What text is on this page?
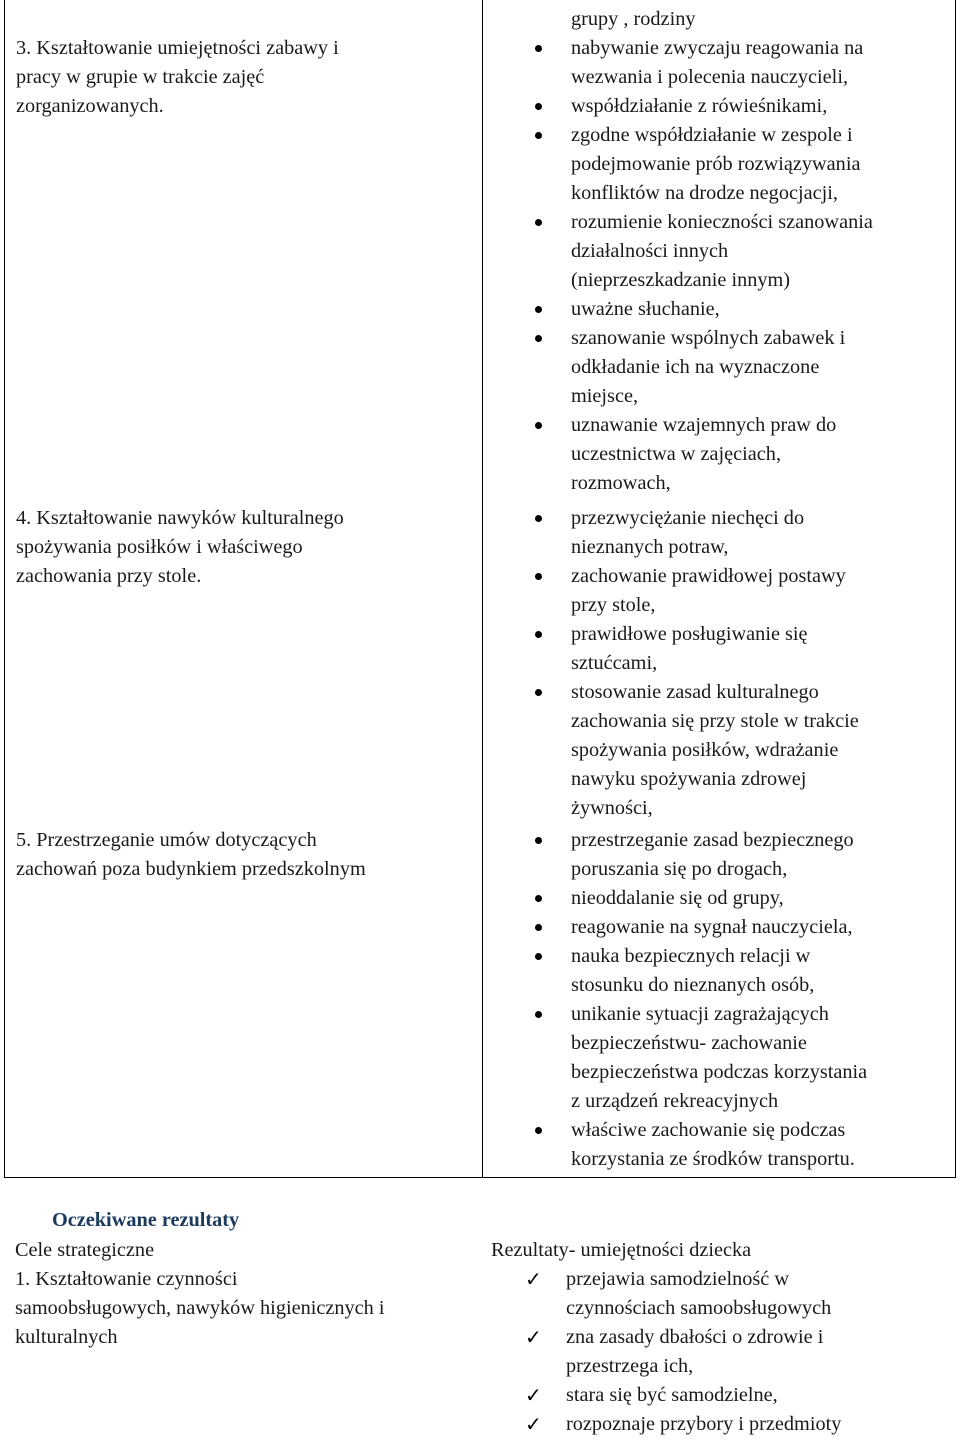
3. Kształtowanie umiejętności zabawy i
pracy w grupie w trakcie zajęć
zorganizowanych.
grupy , rodziny
nabywanie zwyczaju reagowania na
wezwania i polecenia nauczycieli,
współdziałanie z rówieśnikami,
zgodne współdziałanie w zespole i
podejmowanie prób rozwiązywania
konfliktów na drodze negocjacji,
rozumienie konieczności szanowania
działalności innych
(nieprzeszkadzanie innym)
uważne słuchanie,
szanowanie wspólnych zabawek i
odkładanie ich na wyznaczone
miejsce,
uznawanie wzajemnych praw do
uczestnictwa w zajęciach,
rozmowach,
4. Kształtowanie nawyków kulturalnego
spożywania posiłków i właściwego
zachowania przy stole.
przezwyciężanie niechęci do
nieznanych potraw,
zachowanie prawidłowej postawy
przy stole,
prawidłowe posługiwanie się
sztućcami,
stosowanie zasad kulturalnego
zachowania się przy stole w trakcie
spożywania posiłków, wdrażanie
nawyku spożywania zdrowej
żywności,
5. Przestrzeganie umów dotyczących
zachowań poza budynkiem przedszkolnym
przestrzeganie zasad bezpiecznego
poruszania się po drogach,
nieoddalanie się od grupy,
reagowanie na sygnał nauczyciela,
nauka bezpiecznych relacji w
stosunku do nieznanych osób,
unikanie sytuacji zagrażających
bezpieczeństwu- zachowanie
bezpieczeństwa podczas korzystania
z urządzeń rekreacyjnych
właściwe zachowanie się podczas
korzystania ze środków transportu.
Oczekiwane rezultaty
Cele strategiczne
1. Kształtowanie czynności
samoobsługowych, nawyków higienicznych i
kulturalnych
Rezultaty- umiejętności dziecka
✓ przejawia samodzielność w
czynnościach samoobsługowych
✓ zna zasady dbałości o zdrowie i
przestrzega ich,
✓ stara się być samodzielne,
✓ rozpoznaje przybory i przedmioty
